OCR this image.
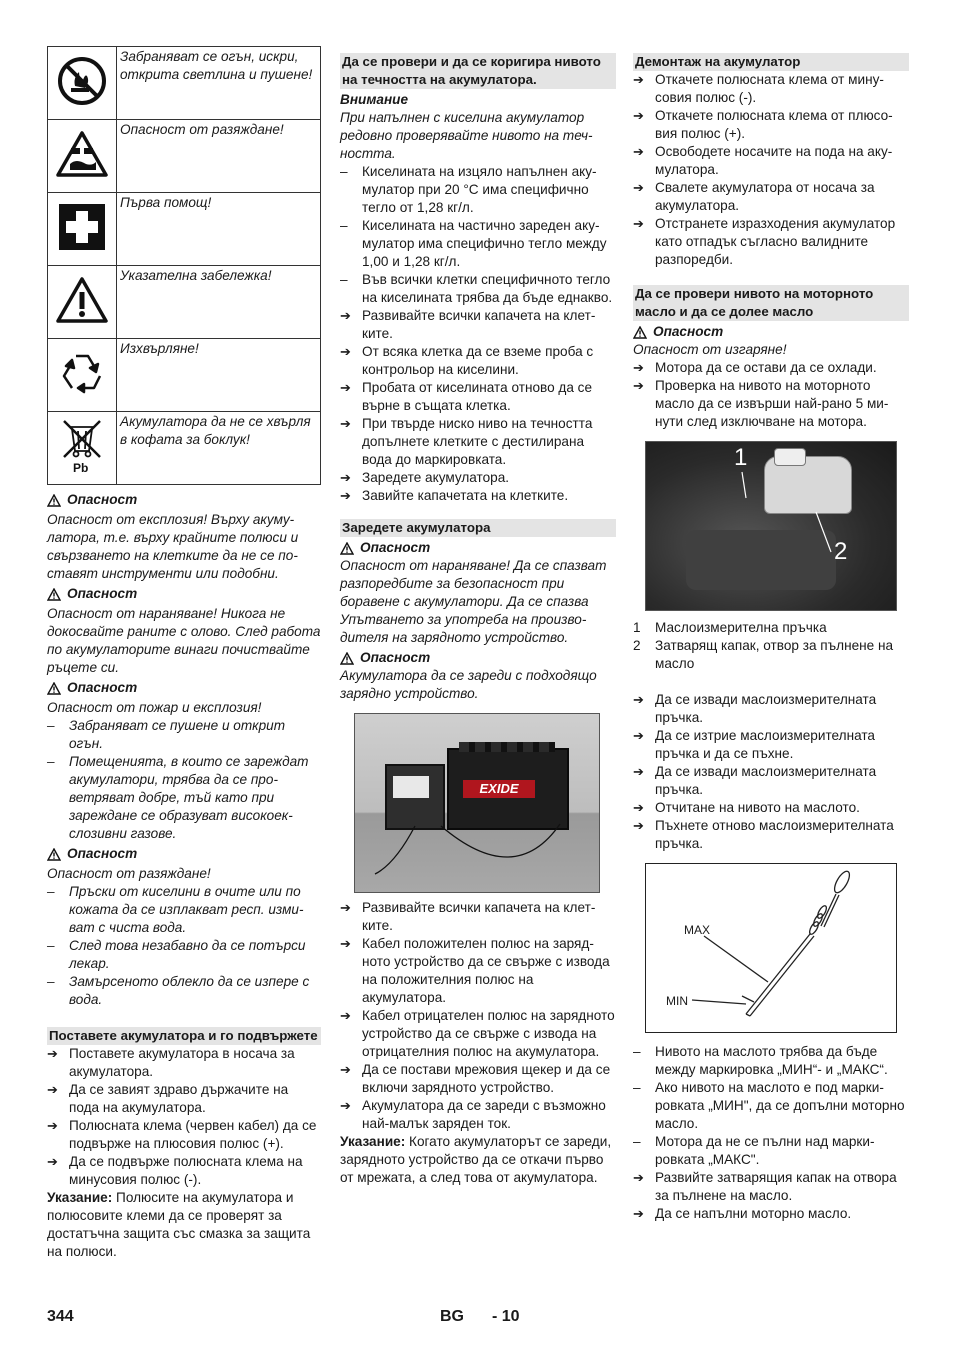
	Забраняват се огън, искри, открита светлина и пушене!
	Опасност от разяждане!
	Първа помощ!
	Указателна забележка!
	Изхвърляне!

Pb	Акумулатора да не се хвърля в кофата за боклук!

Опасност

Опасност от експлозия! Върху акумулатора, т.е. върху крайните полюси и свързването на клетките да не се поставят инструменти или подобни.

Опасност

Опасност от нараняване! Никога не докосвайте раните с олово. След работа по акумулаторите винаги почиствайте ръцете си.

Опасност

Опасност от пожар и експлозия!

–	Забраняват се пушене и открит огън.
–	Помещенията, в които се зареждат акумулатори, трябва да се проветряват добре, тъй като при зареждане се образуват високоекслозивни газове.

Опасност

Опасност от разяждане!

–	Пръски от киселини в очите или по кожата да се изплакват респ. измиват с чиста вода.
–	След това незабавно да се потърси лекар.
–	Замърсеното облекло да се изпере с вода.

Поставете акумулатора и го подвържете

➔ Поставете акумулатора в носача за акумулатора.
➔ Да се завият здраво държачите на пода на акумулатора.
➔ Полюсната клема (червен кабел) да се подвърже на плюсовия полюс (+).
➔ Да се подвърже полюсната клема на минусовия полюс (-).

Указание: Полюсите на акумулатора и полюсовите клеми да се проверят за достатъчна защита със смазка за защита на полюси.

Да се провери и да се коригира нивото на течността на акумулатора.

Внимание

При напълнен с киселина акумулатор редовно проверявайте нивото на течността.

–	Киселината на изцяло напълнен акумулатор при 20 °C има специфично тегло от 1,28 кг/л.
–	Киселината на частично зареден акумулатор има специфично тегло между 1,00 и 1,28 кг/л.
–	Във всички клетки специфичното тегло на киселината трябва да бъде еднакво.
➔ Развивайте всички капачета на клетките.
➔ От всяка клетка да се вземе проба с контрольор на киселини.
➔ Пробата от киселината отново да се върне в същата клетка.
➔ При твърде ниско ниво на течността допълнете клетките с дестилирана вода до маркировката.
➔ Заредете акумулатора.
➔ Завийте капачетата на клетките.

Заредете акумулатора

Опасност

Опасност от нараняване! Да се спазват разпоредбите за безопасност при боравене с акумулатори. Да се спазва Упътването за употреба на производителя на зарядното устройство.

Опасност

Акумулатора да се зареди с подходящо зарядно устройство.

EXIDE
➔ Развивайте всички капачета на клетките.
➔ Кабел положителен полюс на зарядното устройство да се свърже с извода на положителния полюс на акумулатора.
➔ Кабел отрицателен полюс на зарядното устройство да се свърже с извода на отрицателния полюс на акумулатора.
➔ Да се постави мрежовия щекер и да се включи зарядното устройство.
➔ Акумулатора да се зареди с възможно най-малък заряден ток.

Указание: Когато акумулаторът се зареди, зарядното устройство да се откачи първо от мрежата, а след това от акумулатора.

Демонтаж на акумулатор

➔ Откачете полюсната клема от минусовия полюс (-).
➔ Откачете полюсната клема от плюсовия полюс (+).
➔ Освободете носачите на пода на акумулатора.
➔ Свалете акумулатора от носача за акумулатора.
➔ Отстранете изразходения акумулатор като отпадък съгласно валидните разпоредби.

Да се провери нивото на моторното масло и да се долее масло

Опасност

Опасност от изгаряне!

➔ Мотора да се остави да се охлади.
➔ Проверка на нивото на моторното масло да се извърши най-рано 5 минути след изключване на мотора.
1
2
1	Маслоизмерителна пръчка
2	Затварящ капак, отвор за пълнене на масло
➔ Да се извади маслоизмерителната пръчка.
➔ Да се изтрие маслоизмерителната пръчка и да се пъхне.
➔ Да се извади маслоизмерителната пръчка.
➔ Отчитане на нивото на маслото.
➔ Пъхнете отново маслоизмерителната пръчка.
MAX
MIN
–	Нивото на маслото трябва да бъде между маркировка „МИН“- и „МАКС“.
–	Ако нивото на маслото е под маркировката „МИН", да се допълни моторно масло.
–	Мотора да не се пълни над маркировката „МАКС".
➔ Развийте затварящия капак на отвора за пълнене на масло.
➔ Да се напълни моторно масло.
344	BG - 10
